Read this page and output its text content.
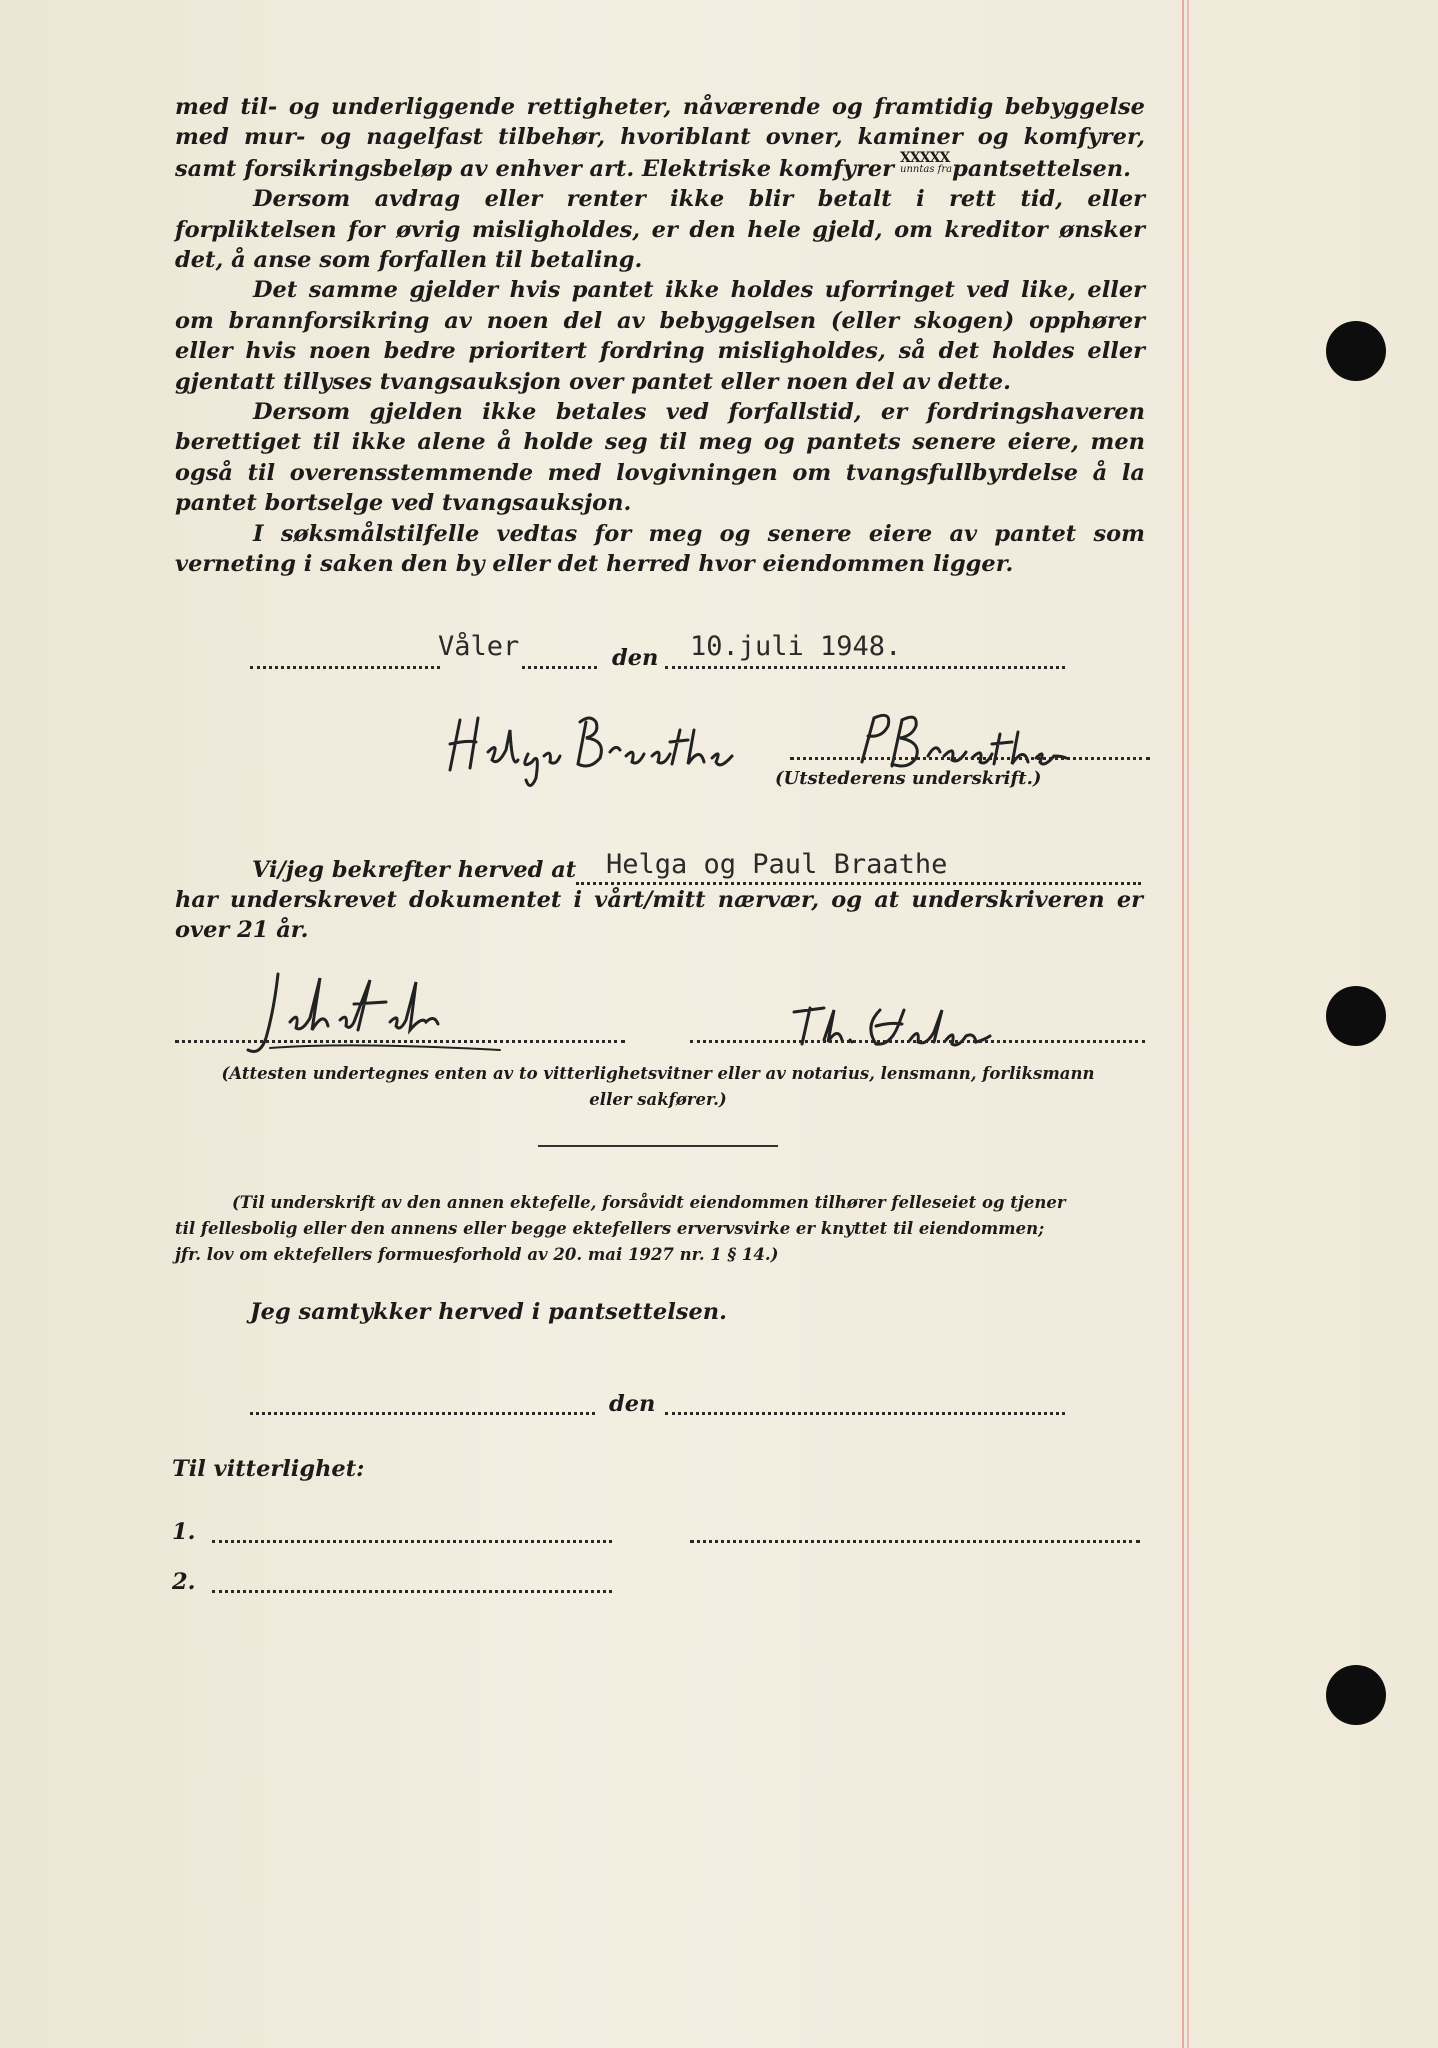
med til- og underliggende rettigheter, nåværende og framtidig bebyggelse med mur- og nagelfast tilbehør, hvoriblant ovner, kaminer og komfyrer, samt forsikringsbeløp av enhver art. Elektriske komfyrer XXXXX
unntas fra pantsettelsen.

Dersom avdrag eller renter ikke blir betalt i rett tid, eller forpliktelsen for øvrig misligholdes, er den hele gjeld, om kreditor ønsker det, å anse som forfallen til betaling.

Det samme gjelder hvis pantet ikke holdes uforringet ved like, eller om brannforsikring av noen del av bebyggelsen (eller skogen) opphører eller hvis noen bedre prioritert fordring misligholdes, så det holdes eller gjentatt tillyses tvangsauksjon over pantet eller noen del av dette.

Dersom gjelden ikke betales ved forfallstid, er fordringshaveren berettiget til ikke alene å holde seg til meg og pantets senere eiere, men også til overensstemmende med lovgivningen om tvangsfullbyrdelse å la pantet bortselge ved tvangsauksjon.

I søksmålstilfelle vedtas for meg og senere eiere av pantet som verneting i saken den by eller det herred hvor eiendommen ligger.

Våler	den 10.juli 1948.
(Utstederens underskrift.)
Vi/jeg bekrefter herved at Helga og Paul Braathe
har underskrevet dokumentet i vårt/mitt nærvær, og at underskriveren er
over 21 år.
(Attesten undertegnes enten av to vitterlighetsvitner eller av notarius, lensmann, forliksmann
eller sakfører.)
(Til underskrift av den annen ektefelle, forsåvidt eiendommen tilhører felleseiet og tjener
til fellesbolig eller den annens eller begge ektefellers ervervsvirke er knyttet til eiendommen;
jfr. lov om ektefellers formuesforhold av 20. mai 1927 nr. 1 § 14.)
Jeg samtykker herved i pantsettelsen.
den
Til vitterlighet:
1.
2.
